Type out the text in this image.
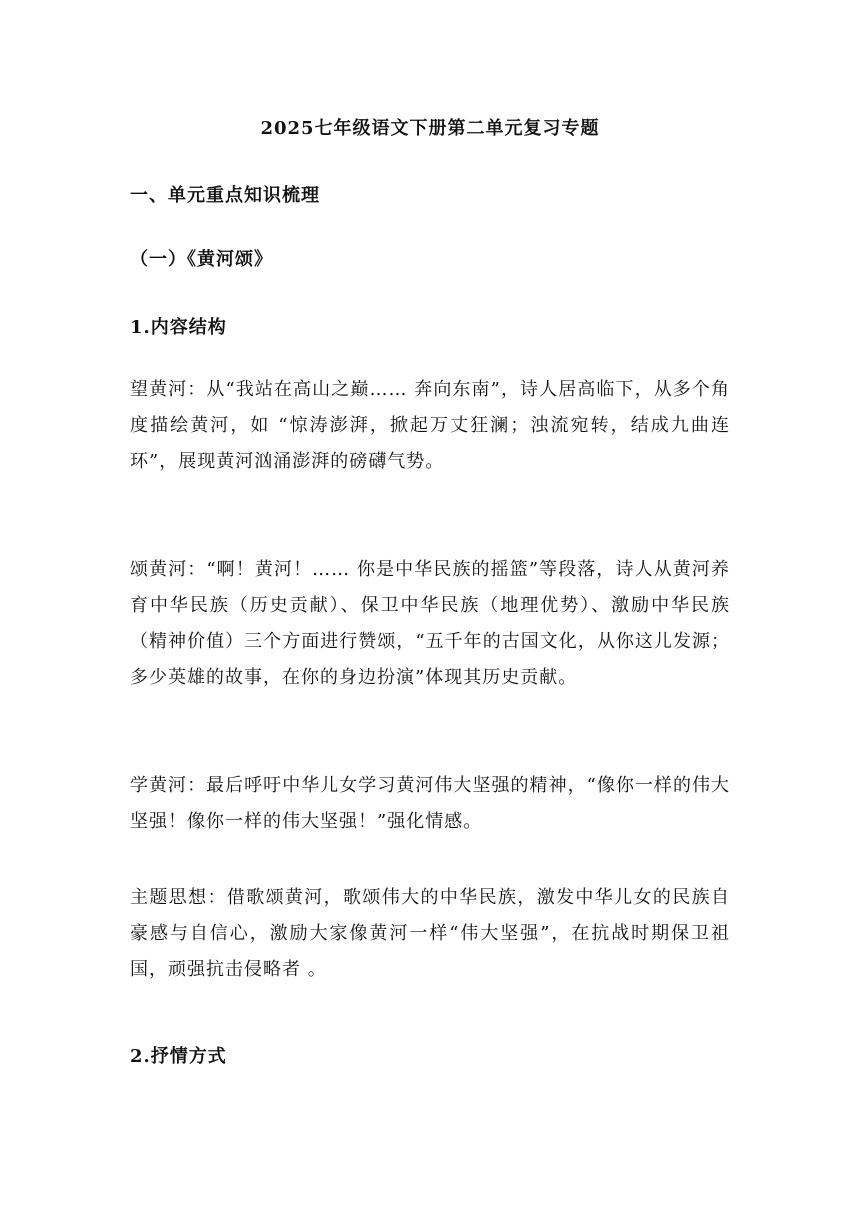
2025七年级语文下册第二单元复习专题
一、单元重点知识梳理
（一）《黄河颂》
1.内容结构

望黄河：从“我站在高山之巅…… 奔向东南”，诗人居高临下，从多个角度描绘黄河，如 “惊涛澎湃，掀起万丈狂澜；浊流宛转，结成九曲连环”，展现黄河汹涌澎湃的磅礴气势。

颂黄河：“啊！黄河！…… 你是中华民族的摇篮”等段落，诗人从黄河养育中华民族（历史贡献）、保卫中华民族（地理优势）、激励中华民族（精神价值）三个方面进行赞颂，“五千年的古国文化，从你这儿发源；多少英雄的故事，在你的身边扮演”体现其历史贡献。

学黄河：最后呼吁中华儿女学习黄河伟大坚强的精神，“像你一样的伟大坚强！像你一样的伟大坚强！”强化情感。

主题思想：借歌颂黄河，歌颂伟大的中华民族，激发中华儿女的民族自豪感与自信心，激励大家像黄河一样“伟大坚强”，在抗战时期保卫祖国，顽强抗击侵略者 。

2.抒情方式
